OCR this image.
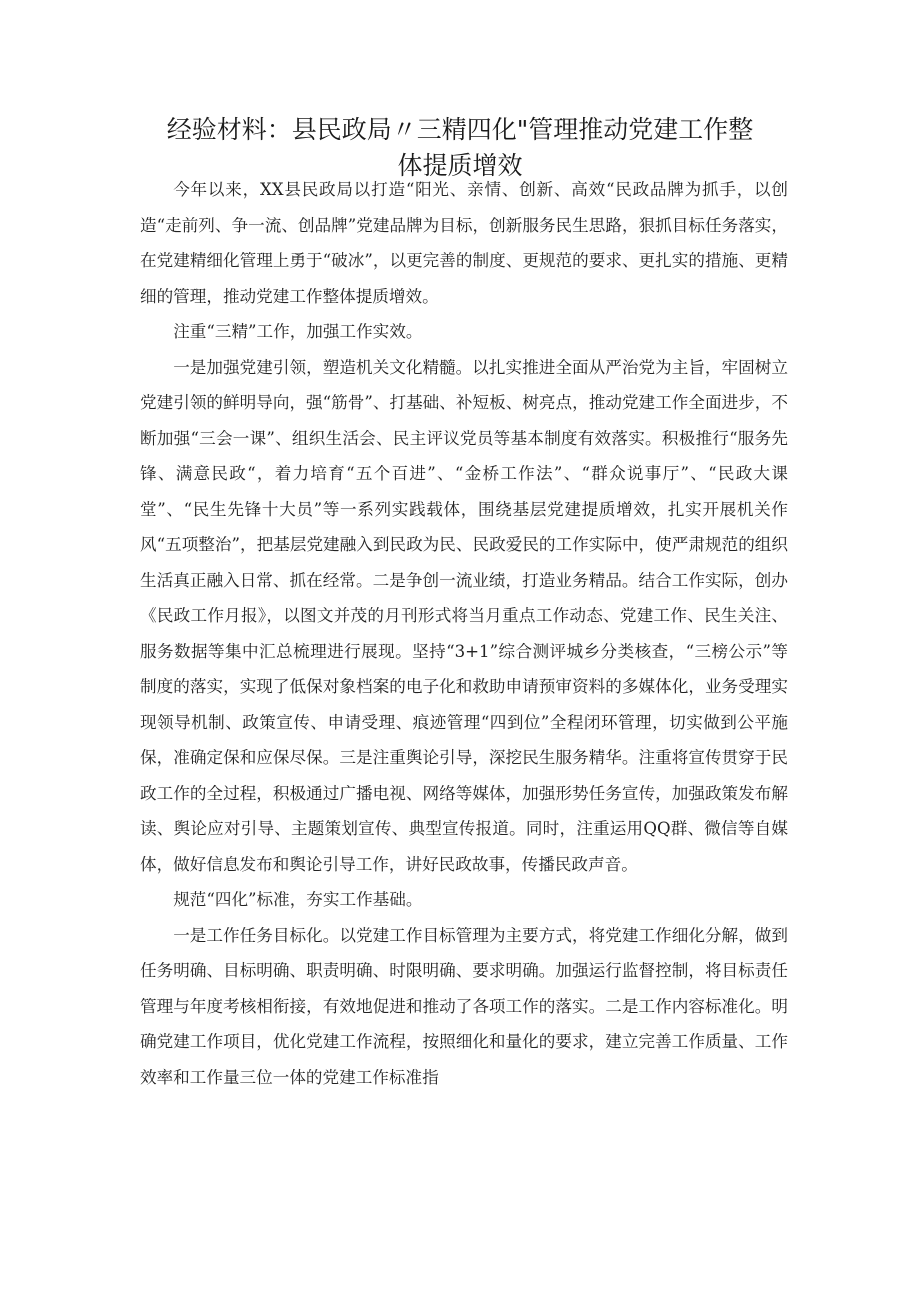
经验材料：县民政局〃三精四化"管理推动党建工作整
体提质增效

今年以来，XX县民政局以打造“阳光、亲情、创新、高效“民政品牌为抓手，以创造“走前列、争一流、创品牌”党建品牌为目标，创新服务民生思路，狠抓目标任务落实，在党建精细化管理上勇于“破冰”，以更完善的制度、更规范的要求、更扎实的措施、更精细的管理，推动党建工作整体提质增效。

注重“三精”工作，加强工作实效。

一是加强党建引领，塑造机关文化精髓。以扎实推进全面从严治党为主旨，牢固树立党建引领的鲜明导向，强“筋骨”、打基础、补短板、树亮点，推动党建工作全面进步，不断加强“三会一课”、组织生活会、民主评议党员等基本制度有效落实。积极推行“服务先锋、满意民政“，着力培育“五个百进”、“金桥工作法”、“群众说事厅”、“民政大课堂”、“民生先锋十大员”等一系列实践载体，围绕基层党建提质增效，扎实开展机关作风“五项整治”，把基层党建融入到民政为民、民政爱民的工作实际中，使严肃规范的组织生活真正融入日常、抓在经常。二是争创一流业绩，打造业务精品。结合工作实际，创办《民政工作月报》，以图文并茂的月刊形式将当月重点工作动态、党建工作、民生关注、服务数据等集中汇总梳理进行展现。坚持“3+1”综合测评城乡分类核查，“三榜公示”等制度的落实，实现了低保对象档案的电子化和救助申请预审资料的多媒体化，业务受理实现领导机制、政策宣传、申请受理、痕迹管理“四到位”全程闭环管理，切实做到公平施保，准确定保和应保尽保。三是注重舆论引导，深挖民生服务精华。注重将宣传贯穿于民政工作的全过程，积极通过广播电视、网络等媒体，加强形势任务宣传，加强政策发布解读、舆论应对引导、主题策划宣传、典型宣传报道。同时，注重运用QQ群、微信等自媒体，做好信息发布和舆论引导工作，讲好民政故事，传播民政声音。

规范“四化”标准，夯实工作基础。

一是工作任务目标化。以党建工作目标管理为主要方式，将党建工作细化分解，做到任务明确、目标明确、职责明确、时限明确、要求明确。加强运行监督控制，将目标责任管理与年度考核相衔接，有效地促进和推动了各项工作的落实。二是工作内容标准化。明确党建工作项目，优化党建工作流程，按照细化和量化的要求，建立完善工作质量、工作效率和工作量三位一体的党建工作标准指
